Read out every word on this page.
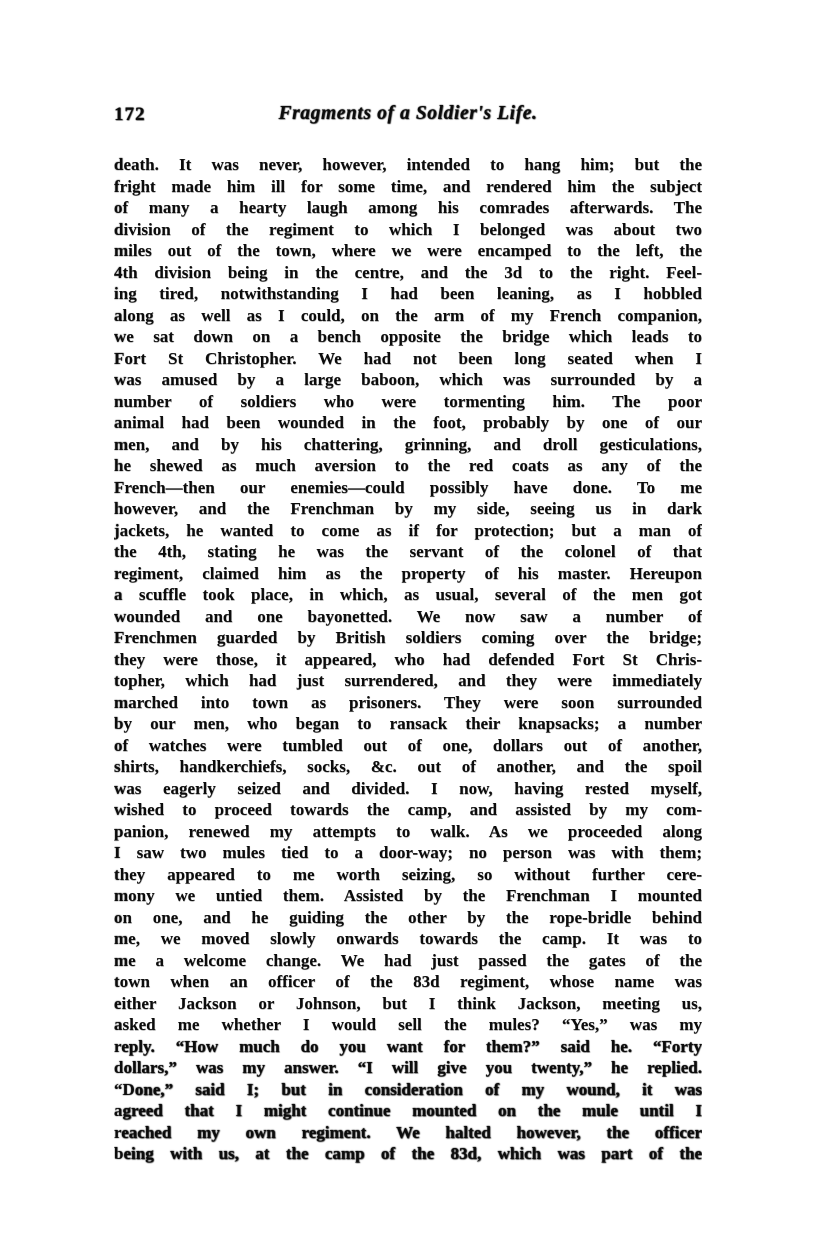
172	Fragments of a Soldier's Life.
death. It was never, however, intended to hang him; but the
fright made him ill for some time, and rendered him the subject
of many a hearty laugh among his comrades afterwards. The
division of the regiment to which I belonged was about two
miles out of the town, where we were encamped to the left, the
4th division being in the centre, and the 3d to the right. Feel-
ing tired, notwithstanding I had been leaning, as I hobbled
along as well as I could, on the arm of my French companion,
we sat down on a bench opposite the bridge which leads to
Fort St Christopher. We had not been long seated when I
was amused by a large baboon, which was surrounded by a
number of soldiers who were tormenting him. The poor
animal had been wounded in the foot, probably by one of our
men, and by his chattering, grinning, and droll gesticulations,
he shewed as much aversion to the red coats as any of the
French—then our enemies—could possibly have done. To me
however, and the Frenchman by my side, seeing us in dark
jackets, he wanted to come as if for protection; but a man of
the 4th, stating he was the servant of the colonel of that
regiment, claimed him as the property of his master. Hereupon
a scuffle took place, in which, as usual, several of the men got
wounded and one bayonetted. We now saw a number of
Frenchmen guarded by British soldiers coming over the bridge;
they were those, it appeared, who had defended Fort St Chris-
topher, which had just surrendered, and they were immediately
marched into town as prisoners. They were soon surrounded
by our men, who began to ransack their knapsacks; a number
of watches were tumbled out of one, dollars out of another,
shirts, handkerchiefs, socks, &c. out of another, and the spoil
was eagerly seized and divided. I now, having rested myself,
wished to proceed towards the camp, and assisted by my com-
panion, renewed my attempts to walk. As we proceeded along
I saw two mules tied to a door-way; no person was with them;
they appeared to me worth seizing, so without further cere-
mony we untied them. Assisted by the Frenchman I mounted
on one, and he guiding the other by the rope-bridle behind
me, we moved slowly onwards towards the camp. It was to
me a welcome change. We had just passed the gates of the
town when an officer of the 83d regiment, whose name was
either Jackson or Johnson, but I think Jackson, meeting us,
asked me whether I would sell the mules? “Yes,” was my
reply. “How much do you want for them?” said he. “Forty
dollars,” was my answer. “I will give you twenty,” he replied.
“Done,” said I; but in consideration of my wound, it was
agreed that I might continue mounted on the mule until I
reached my own regiment. We halted however, the officer
being with us, at the camp of the 83d, which was part of the
